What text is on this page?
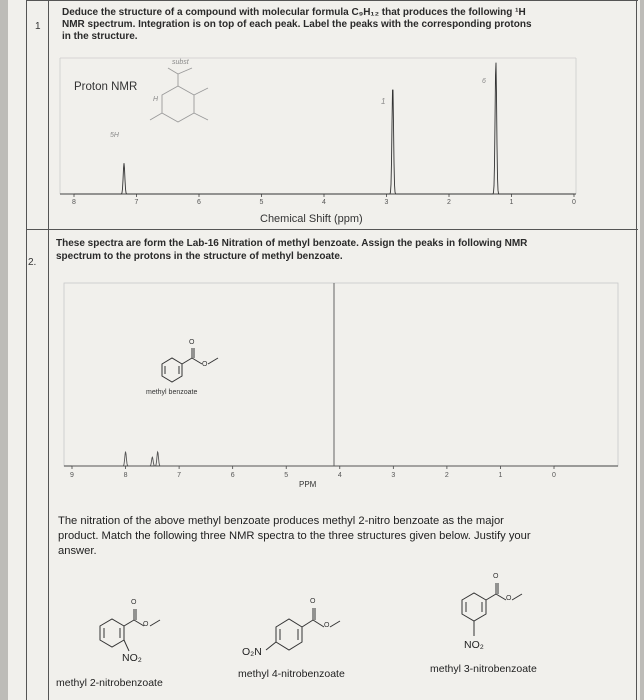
1
Deduce the structure of a compound with molecular formula C₉H₁₂ that produces the following ¹H
NMR spectrum. Integration is on top of each peak. Label the peaks with the corresponding protons
in the structure.
Proton NMR
8	7	6	5	4	3	2	1	0
subst
5H
H	1
6
Chemical Shift (ppm)
2.
These spectra are form the Lab-16 Nitration of methyl benzoate. Assign the peaks in following NMR
spectrum to the protons in the structure of methyl benzoate.
9	8	7	6	5	4	3	2	1	0
O
O
methyl benzoate
PPM
The nitration of the above methyl benzoate produces methyl 2-nitro benzoate as the major
product. Match the following three NMR spectra to the three structures given below. Justify your
answer.
O
O
O
O
O
O
NO₂	O₂N
NO₂
methyl 2-nitrobenzoate
methyl 4-nitrobenzoate	methyl 3-nitrobenzoate
